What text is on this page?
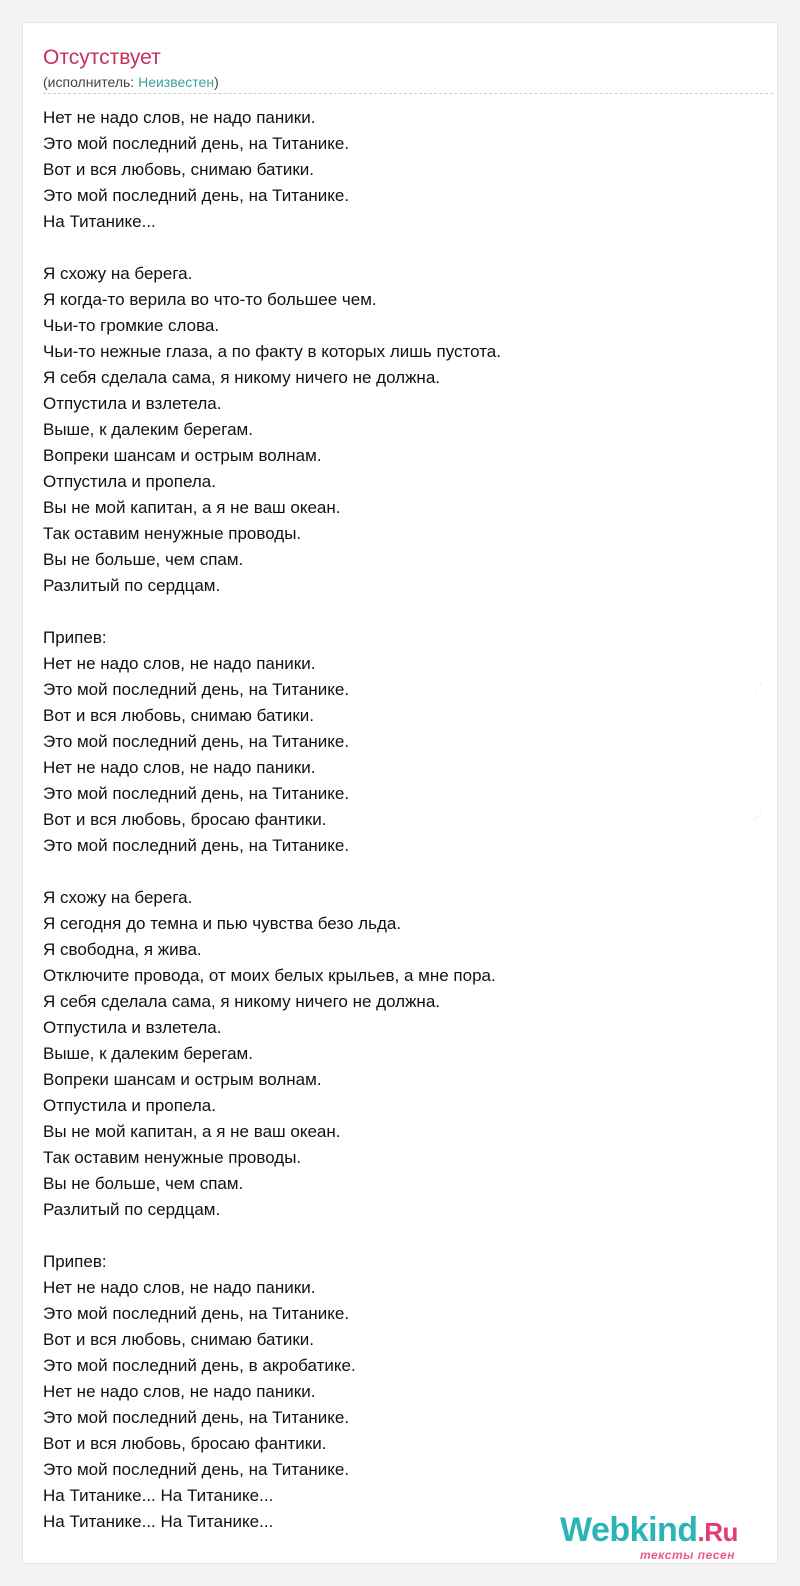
Отсутствует
(исполнитель: Неизвестен)
Нет не надо слов, не надо паники.
Это мой последний день, на Титанике.
Вот и вся любовь, снимаю батики.
Это мой последний день, на Титанике.
На Титанике...
Я схожу на берега.
Я когда-то верила во что-то большее чем.
Чьи-то громкие слова.
Чьи-то нежные глаза, а по факту в которых лишь пустота.
Я себя сделала сама, я никому ничего не должна.
Отпустила и взлетела.
Выше, к далеким берегам.
Вопреки шансам и острым волнам.
Отпустила и пропела.
Вы не мой капитан, а я не ваш океан.
Так оставим ненужные проводы.
Вы не больше, чем спам.
Разлитый по сердцам.
Припев:
Нет не надо слов, не надо паники.
Это мой последний день, на Титанике.
Вот и вся любовь, снимаю батики.
Это мой последний день, на Титанике.
Нет не надо слов, не надо паники.
Это мой последний день, на Титанике.
Вот и вся любовь, бросаю фантики.
Это мой последний день, на Титанике.
Я схожу на берега.
Я сегодня до темна и пью чувства безо льда.
Я свободна, я жива.
Отключите провода, от моих белых крыльев, а мне пора.
Я себя сделала сама, я никому ничего не должна.
Отпустила и взлетела.
Выше, к далеким берегам.
Вопреки шансам и острым волнам.
Отпустила и пропела.
Вы не мой капитан, а я не ваш океан.
Так оставим ненужные проводы.
Вы не больше, чем спам.
Разлитый по сердцам.
Припев:
Нет не надо слов, не надо паники.
Это мой последний день, на Титанике.
Вот и вся любовь, снимаю батики.
Это мой последний день, в акробатике.
Нет не надо слов, не надо паники.
Это мой последний день, на Титанике.
Вот и вся любовь, бросаю фантики.
Это мой последний день, на Титанике.
На Титанике... На Титанике...
На Титанике... На Титанике...
⋰
⋰
Webkind.Ru
тексты песен
